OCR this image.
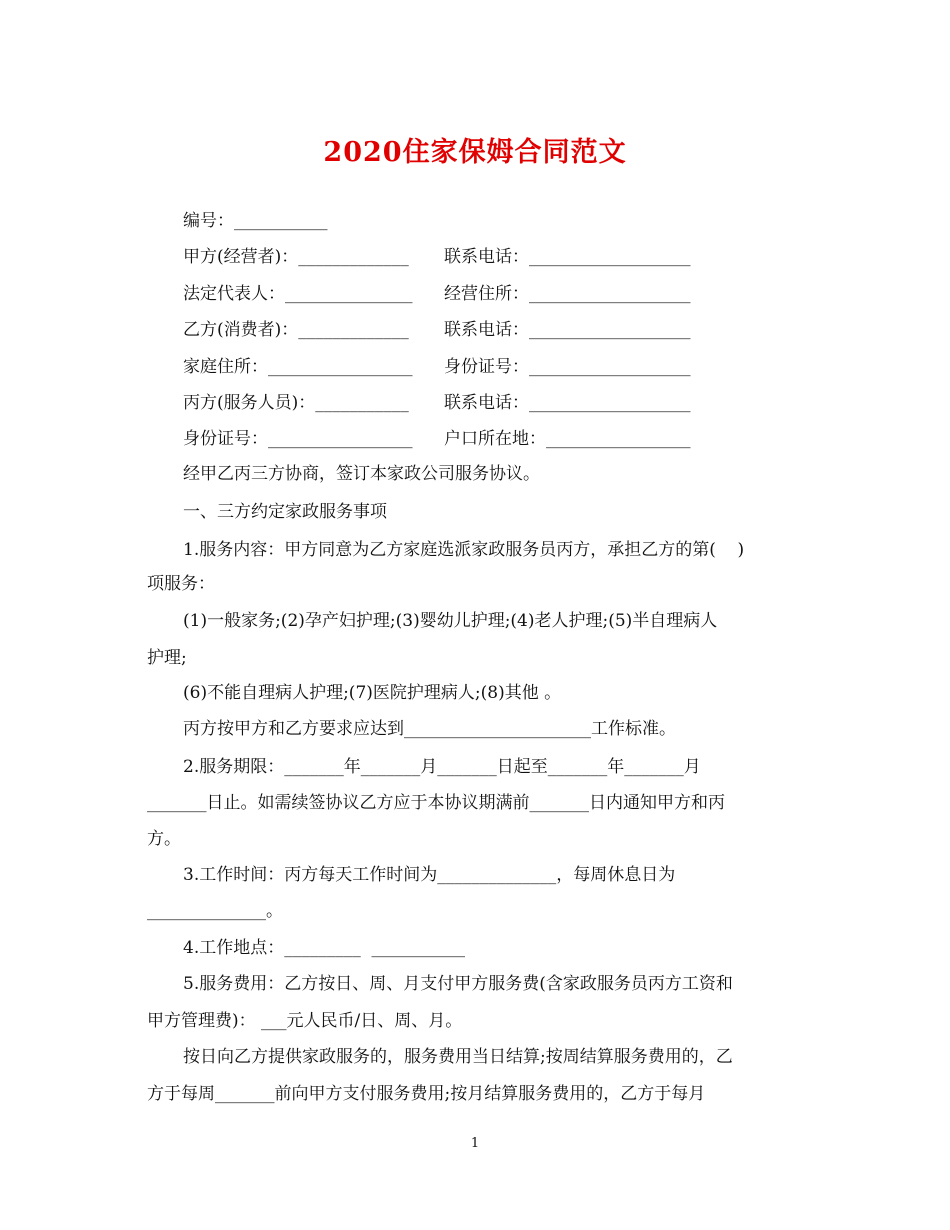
2020住家保姆合同范文
编号：___________
甲方(经营者)：_____________ 联系电话：___________________
法定代表人：_______________ 经营住所：___________________
乙方(消费者)：_____________ 联系电话：___________________
家庭住所：_________________ 身份证号：___________________
丙方(服务人员)：___________ 联系电话：___________________
身份证号：_________________ 户口所在地：_________________
经甲乙丙三方协商，签订本家政公司服务协议。
一、三方约定家政服务事项
1.服务内容：甲方同意为乙方家庭选派家政服务员丙方，承担乙方的第(    )
项服务：
(1)一般家务;(2)孕产妇护理;(3)婴幼儿护理;(4)老人护理;(5)半自理病人
护理;
(6)不能自理病人护理;(7)医院护理病人;(8)其他 。
丙方按甲方和乙方要求应达到______________________工作标准。
2.服务期限：_______年_______月_______日起至_______年_______月
_______日止。如需续签协议乙方应于本协议期满前_______日内通知甲方和丙
方。
3.工作时间：丙方每天工作时间为______________，每周休息日为
______________。
4.工作地点：_________  ___________
5.服务费用：乙方按日、周、月支付甲方服务费(含家政服务员丙方工资和
甲方管理费)： ___元人民币/日、周、月。
按日向乙方提供家政服务的，服务费用当日结算;按周结算服务费用的，乙
方于每周_______前向甲方支付服务费用;按月结算服务费用的，乙方于每月
1
